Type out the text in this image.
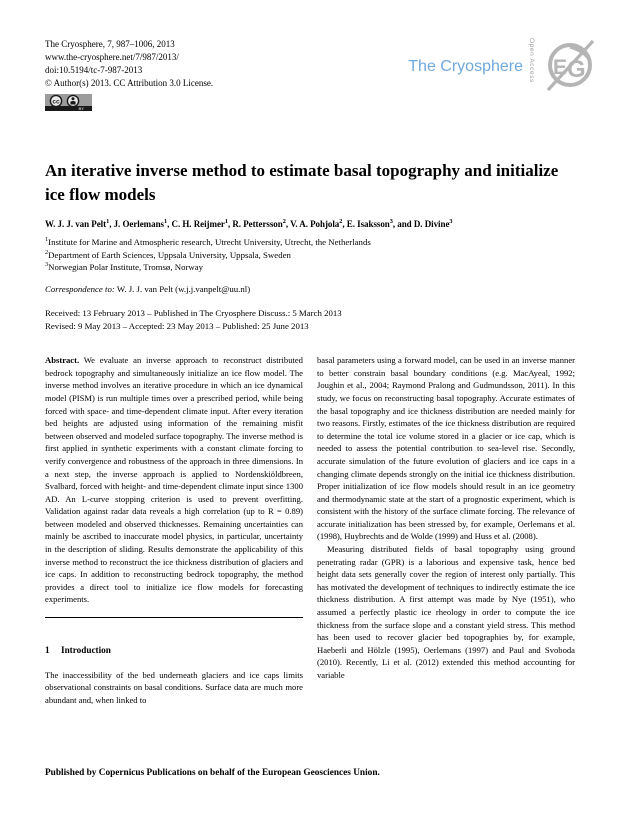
The Cryosphere Open Access E G
The Cryosphere, 7, 987–1006, 2013
www.the-cryosphere.net/7/987/2013/
doi:10.5194/tc-7-987-2013
© Author(s) 2013. CC Attribution 3.0 License.
cc
BY
An iterative inverse method to estimate basal topography and initialize ice flow models
W. J. J. van Pelt$^1$, J. Oerlemans$^1$, C. H. Reijmer$^1$, R. Pettersson$^2$, V. A. Pohjola$^2$, E. Isaksson$^3$, and D. Divine$^3$
$^1$Institute for Marine and Atmospheric research, Utrecht University, Utrecht, the Netherlands
$^2$Department of Earth Sciences, Uppsala University, Uppsala, Sweden
$^3$Norwegian Polar Institute, Tromsø, Norway
Correspondence to: W. J. J. van Pelt (w.j.j.vanpelt@uu.nl)
Received: 13 February 2013 – Published in The Cryosphere Discuss.: 5 March 2013
Revised: 9 May 2013 – Accepted: 23 May 2013 – Published: 25 June 2013

Abstract. We evaluate an inverse approach to reconstruct distributed bedrock topography and simultaneously initialize an ice flow model. The inverse method involves an iterative procedure in which an ice dynamical model (PISM) is run multiple times over a prescribed period, while being forced with space- and time-dependent climate input. After every iteration bed heights are adjusted using information of the remaining misfit between observed and modeled surface topography. The inverse method is first applied in synthetic experiments with a constant climate forcing to verify convergence and robustness of the approach in three dimensions. In a next step, the inverse approach is applied to Nordenskiöldbreen, Svalbard, forced with height- and time-dependent climate input since 1300 AD. An L-curve stopping criterion is used to prevent overfitting. Validation against radar data reveals a high correlation (up to R = 0.89) between modeled and observed thicknesses. Remaining uncertainties can mainly be ascribed to inaccurate model physics, in particular, uncertainty in the description of sliding. Results demonstrate the applicability of this inverse method to reconstruct the ice thickness distribution of glaciers and ice caps. In addition to reconstructing bedrock topography, the method provides a direct tool to initialize ice flow models for forecasting experiments.

1 Introduction

The inaccessibility of the bed underneath glaciers and ice caps limits observational constraints on basal conditions. Surface data are much more abundant and, when linked to

basal parameters using a forward model, can be used in an inverse manner to better constrain basal boundary conditions (e.g. MacAyeal, 1992; Joughin et al., 2004; Raymond Pralong and Gudmundsson, 2011). In this study, we focus on reconstructing basal topography. Accurate estimates of the basal topography and ice thickness distribution are needed mainly for two reasons. Firstly, estimates of the ice thickness distribution are required to determine the total ice volume stored in a glacier or ice cap, which is needed to assess the potential contribution to sea-level rise. Secondly, accurate simulation of the future evolution of glaciers and ice caps in a changing climate depends strongly on the initial ice thickness distribution. Proper initialization of ice flow models should result in an ice geometry and thermodynamic state at the start of a prognostic experiment, which is consistent with the history of the surface climate forcing. The relevance of accurate initialization has been stressed by, for example, Oerlemans et al. (1998), Huybrechts and de Wolde (1999) and Huss et al. (2008).

Measuring distributed fields of basal topography using ground penetrating radar (GPR) is a laborious and expensive task, hence bed height data sets generally cover the region of interest only partially. This has motivated the development of techniques to indirectly estimate the ice thickness distribution. A first attempt was made by Nye (1951), who assumed a perfectly plastic ice rheology in order to compute the ice thickness from the surface slope and a constant yield stress. This method has been used to recover glacier bed topographies by, for example, Haeberli and Hölzle (1995), Oerlemans (1997) and Paul and Svoboda (2010). Recently, Li et al. (2012) extended this method accounting for variable

Published by Copernicus Publications on behalf of the European Geosciences Union.
